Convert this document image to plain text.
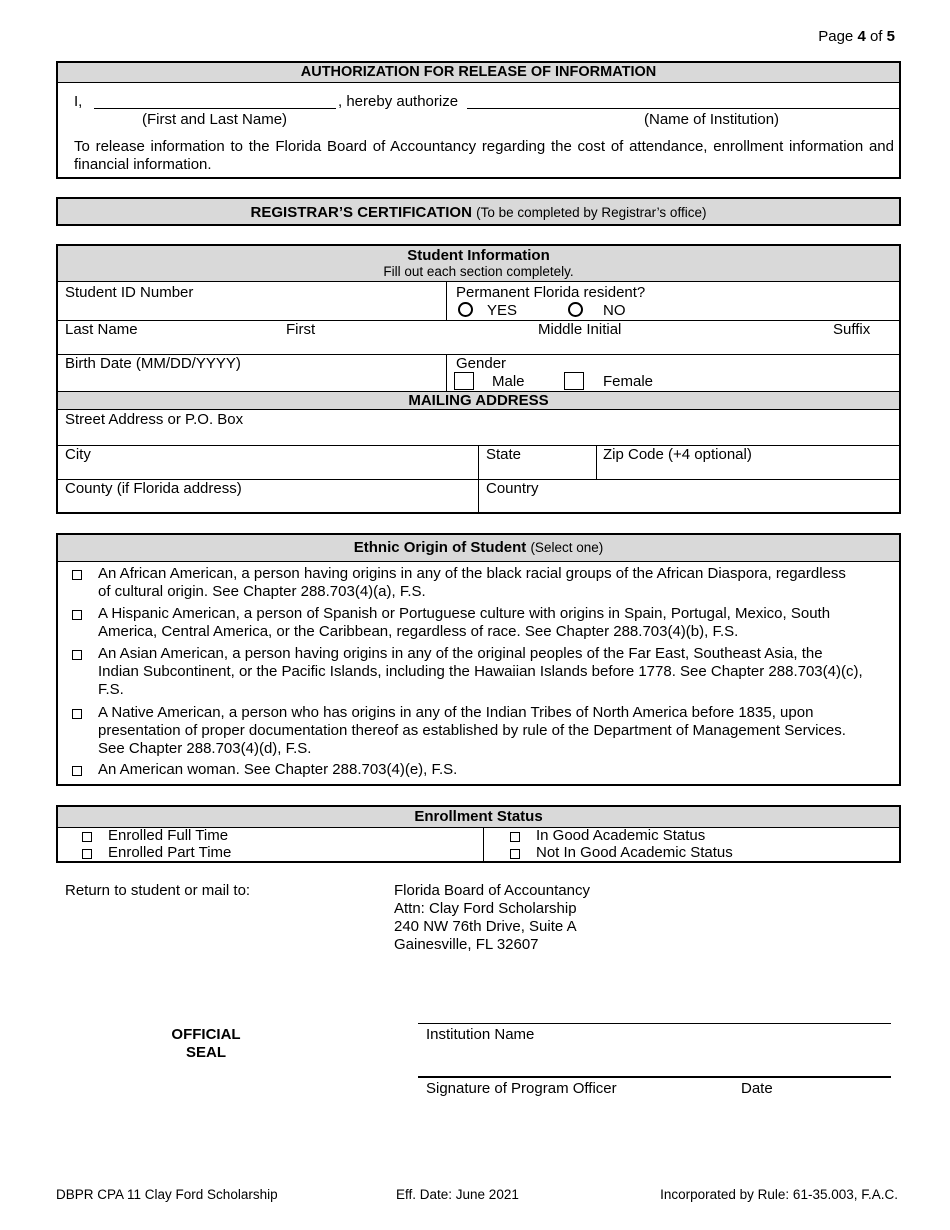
Page 4 of 5
AUTHORIZATION FOR RELEASE OF INFORMATION
I,	, hereby authorize
(First and Last Name)	(Name of Institution)
To release information to the Florida Board of Accountancy regarding the cost of attendance, enrollment information and financial information.
REGISTRAR’S CERTIFICATION (To be completed by Registrar’s office)
Student Information
Fill out each section completely.
Student ID Number	Permanent Florida resident?
YES	NO
Last Name	First	Middle Initial	Suffix
Birth Date (MM/DD/YYYY)	Gender
Male	Female
MAILING ADDRESS
Street Address or P.O. Box
City	State	Zip Code (+4 optional)
County (if Florida address)	Country
Ethnic Origin of Student (Select one)
An African American, a person having origins in any of the black racial groups of the African Diaspora, regardless
of cultural origin. See Chapter 288.703(4)(a), F.S.
A Hispanic American, a person of Spanish or Portuguese culture with origins in Spain, Portugal, Mexico, South
America, Central America, or the Caribbean, regardless of race. See Chapter 288.703(4)(b), F.S.
An Asian American, a person having origins in any of the original peoples of the Far East, Southeast Asia, the
Indian Subcontinent, or the Pacific Islands, including the Hawaiian Islands before 1778. See Chapter 288.703(4)(c),
F.S.
A Native American, a person who has origins in any of the Indian Tribes of North America before 1835, upon
presentation of proper documentation thereof as established by rule of the Department of Management Services.
See Chapter 288.703(4)(d), F.S.
An American woman. See Chapter 288.703(4)(e), F.S.
Enrollment Status
Enrolled Full Time
Enrolled Part Time
In Good Academic Status
Not In Good Academic Status
Return to student or mail to:	Florida Board of Accountancy
Attn: Clay Ford Scholarship
240 NW 76th Drive, Suite A
Gainesville, FL 32607
OFFICIAL
SEAL
Institution Name
Signature of Program Officer	Date
DBPR CPA 11 Clay Ford Scholarship	Eff. Date: June 2021	Incorporated by Rule: 61-35.003, F.A.C.
